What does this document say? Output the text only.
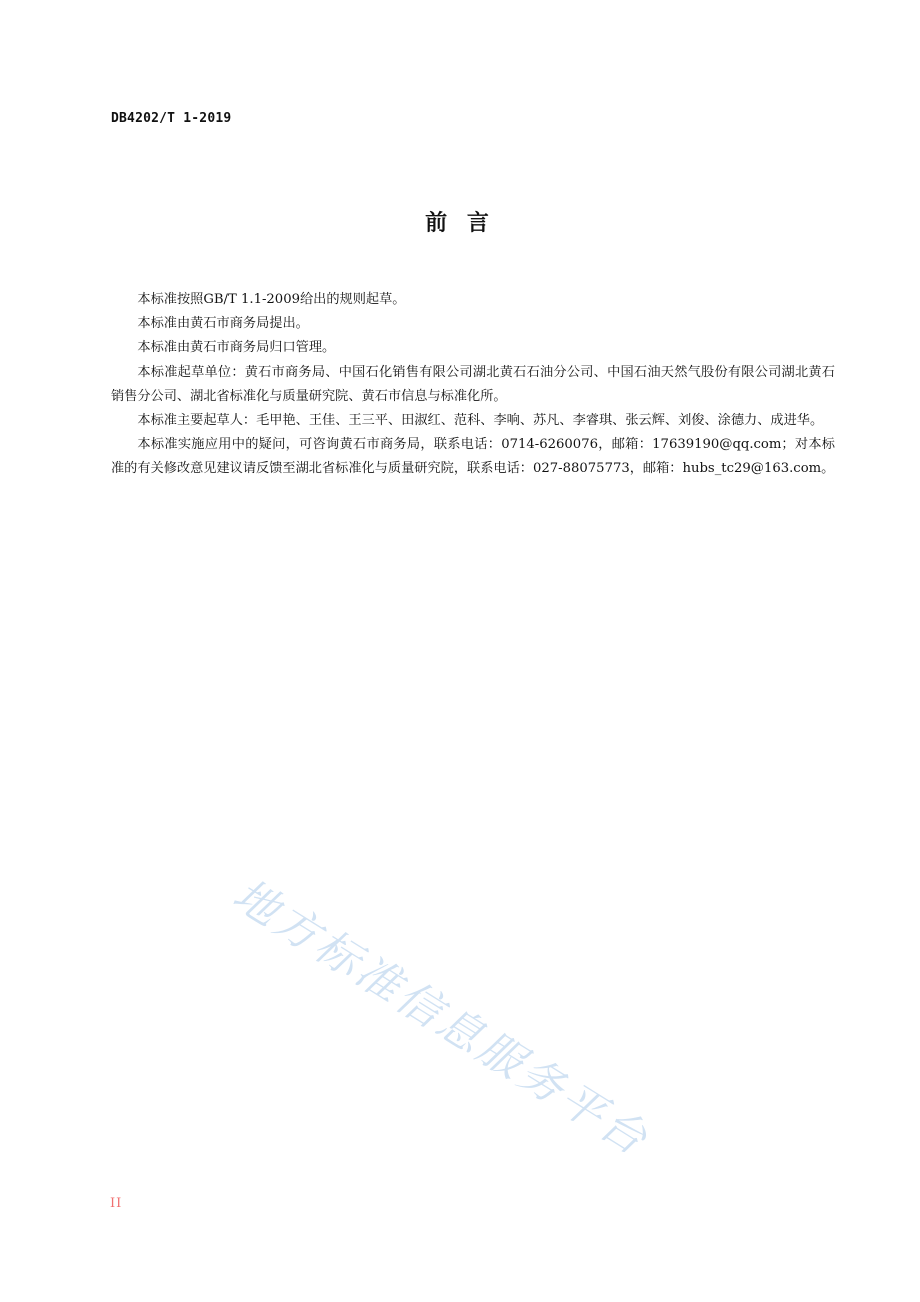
DB4202/T 1-2019
前 言

本标准按照GB/T 1.1-2009给出的规则起草。

本标准由黄石市商务局提出。

本标准由黄石市商务局归口管理。

本标准起草单位：黄石市商务局、中国石化销售有限公司湖北黄石石油分公司、中国石油天然气股份有限公司湖北黄石销售分公司、湖北省标准化与质量研究院、黄石市信息与标准化所。

本标准主要起草人：毛甲艳、王佳、王三平、田淑红、范科、李响、苏凡、李睿琪、张云辉、刘俊、涂德力、成进华。

本标准实施应用中的疑问，可咨询黄石市商务局，联系电话：0714-6260076，邮箱：17639190@qq.com；对本标准的有关修改意见建议请反馈至湖北省标准化与质量研究院，联系电话：027-88075773，邮箱：hubs_tc29@163.com。

地方标准信息服务平台
II
